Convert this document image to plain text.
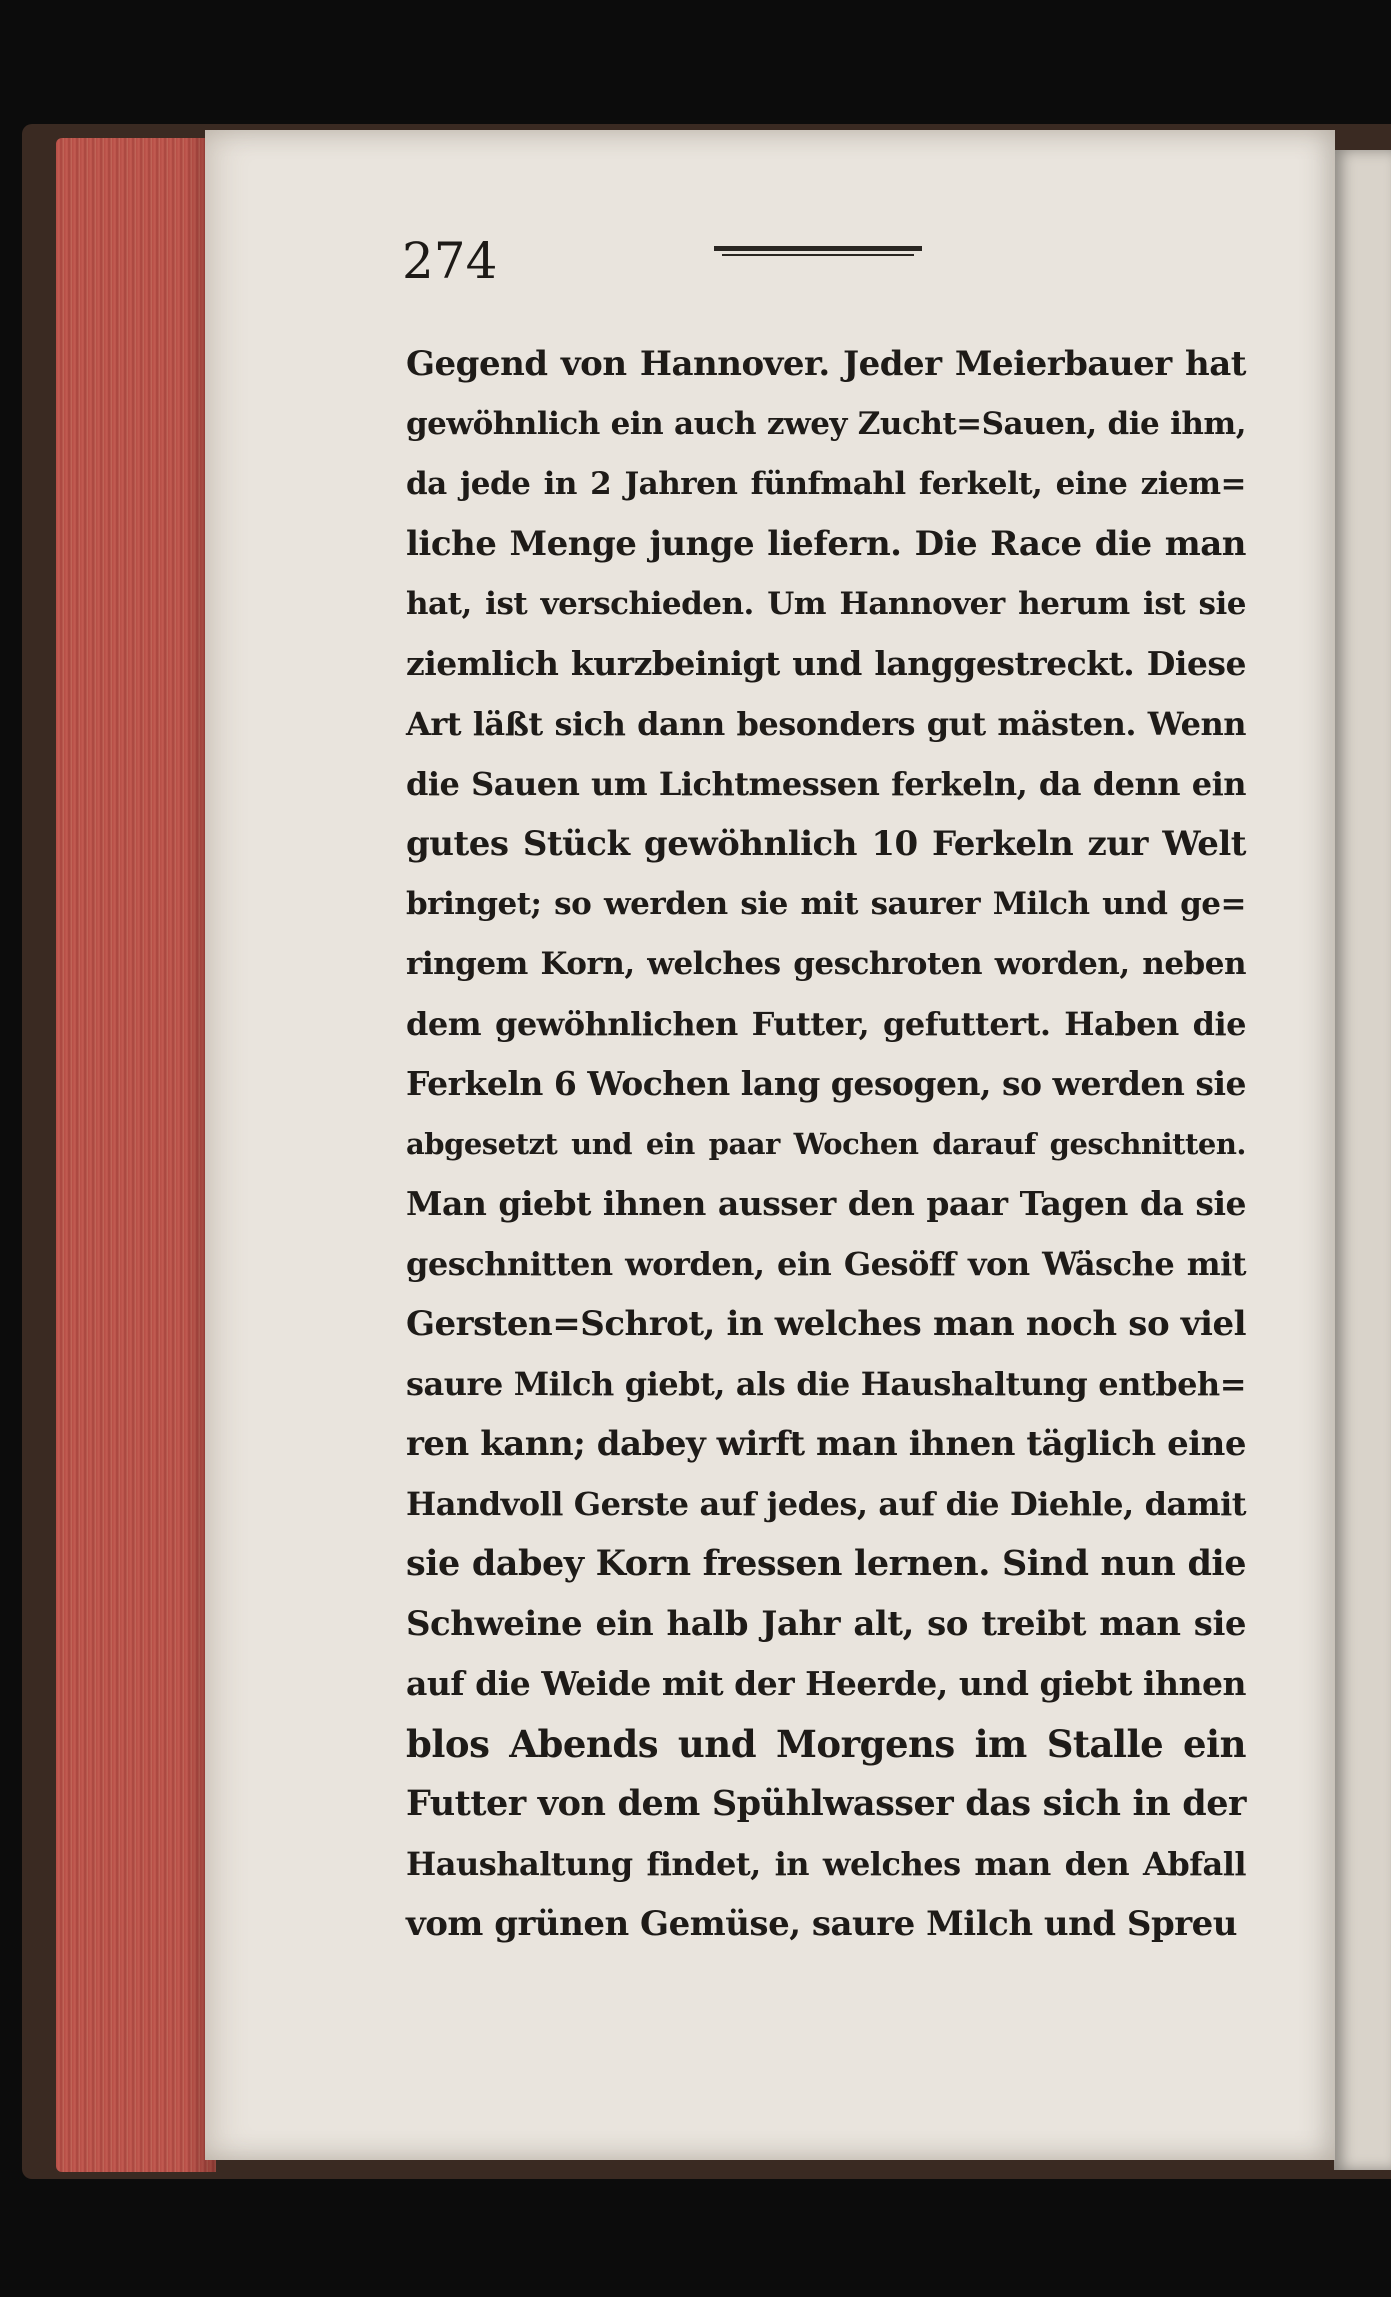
274

Gegend von Hannover. Jeder Meierbauer hat
gewöhnlich ein auch zwey Zucht=Sauen, die ihm,
da jede in 2 Jahren fünfmahl ferkelt, eine ziem=
liche Menge junge liefern. Die Race die man
hat, ist verschieden. Um Hannover herum ist sie
ziemlich kurzbeinigt und langgestreckt. Diese
Art läßt sich dann besonders gut mästen. Wenn
die Sauen um Lichtmessen ferkeln, da denn ein
gutes Stück gewöhnlich 10 Ferkeln zur Welt
bringet; so werden sie mit saurer Milch und ge=
ringem Korn, welches geschroten worden, neben
dem gewöhnlichen Futter, gefuttert. Haben die
Ferkeln 6 Wochen lang gesogen, so werden sie
abgesetzt und ein paar Wochen darauf geschnitten.
Man giebt ihnen ausser den paar Tagen da sie
geschnitten worden, ein Gesöff von Wäsche mit
Gersten=Schrot, in welches man noch so viel
saure Milch giebt, als die Haushaltung entbeh=
ren kann; dabey wirft man ihnen täglich eine
Handvoll Gerste auf jedes, auf die Diehle, damit
sie dabey Korn fressen lernen. Sind nun die
Schweine ein halb Jahr alt, so treibt man sie
auf die Weide mit der Heerde, und giebt ihnen
blos Abends und Morgens im Stalle ein
Futter von dem Spühlwasser das sich in der
Haushaltung findet, in welches man den Abfall
vom grünen Gemüse, saure Milch und Spreu
